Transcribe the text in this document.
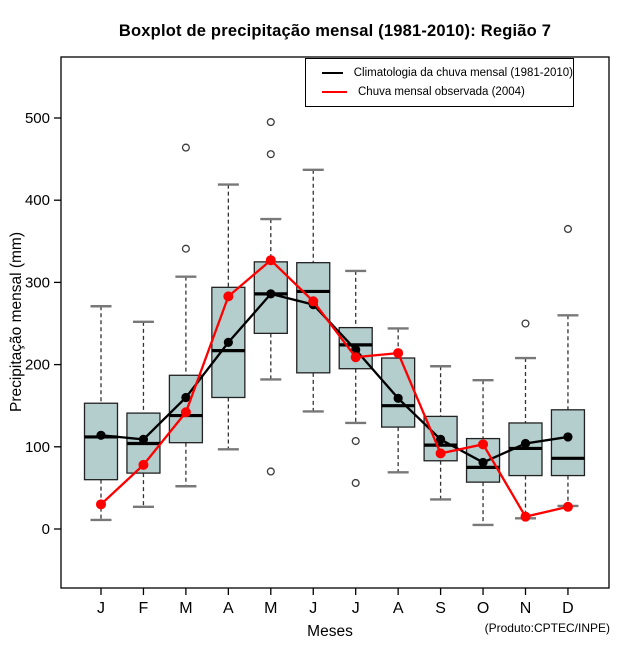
Boxplot de precipitação mensal (1981-2010): Região 7
0
100
200
300
400
500
J F M A M J J A S O N D
Climatologia da chuva mensal (1981-2010)
Chuva mensal observada (2004)
Precipitação mensal (mm)
Meses	(Produto:CPTEC/INPE)
